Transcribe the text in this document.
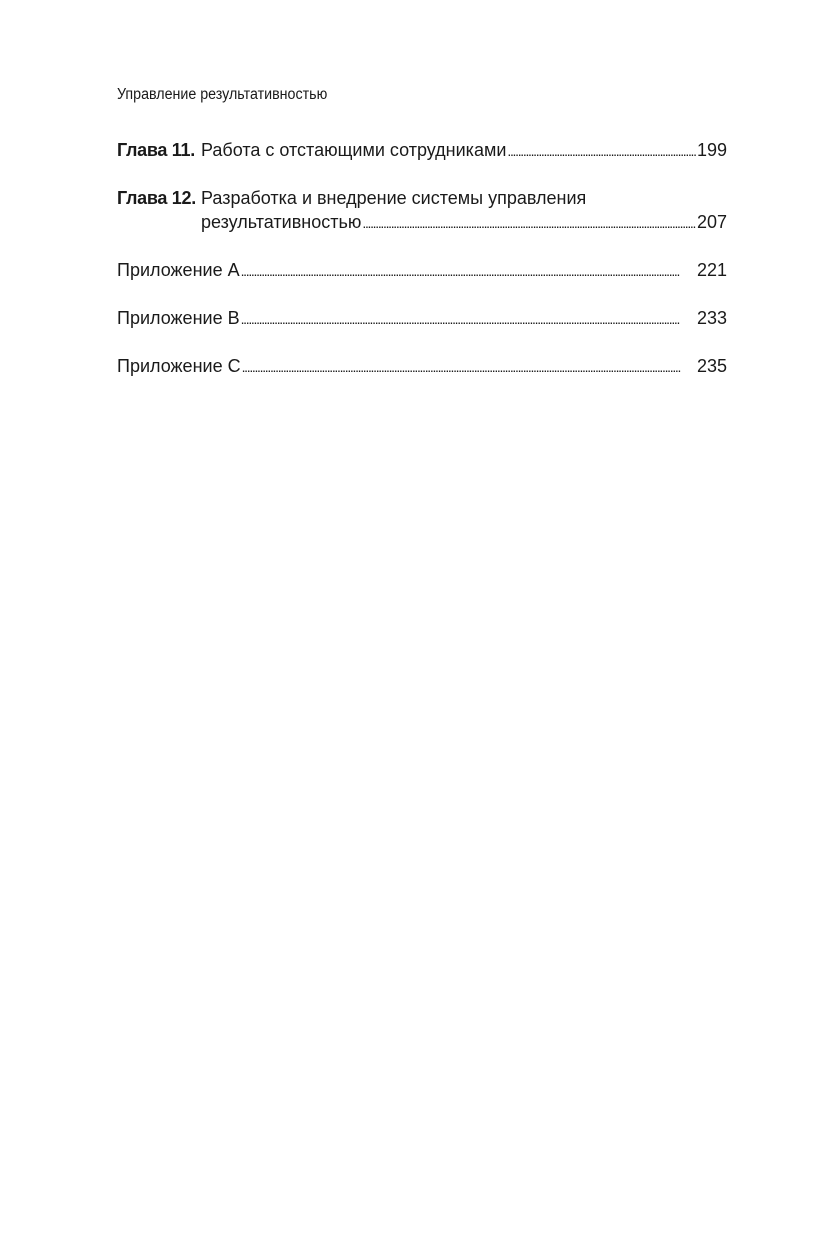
Управление результативностью
Глава 11. Работа с отстающими сотрудниками . . .	199
Глава 12. Разработка и внедрение системы управления
результативностью . . .	207
Приложение А . . .	221
Приложение В . . .	233
Приложение С . . .	235
